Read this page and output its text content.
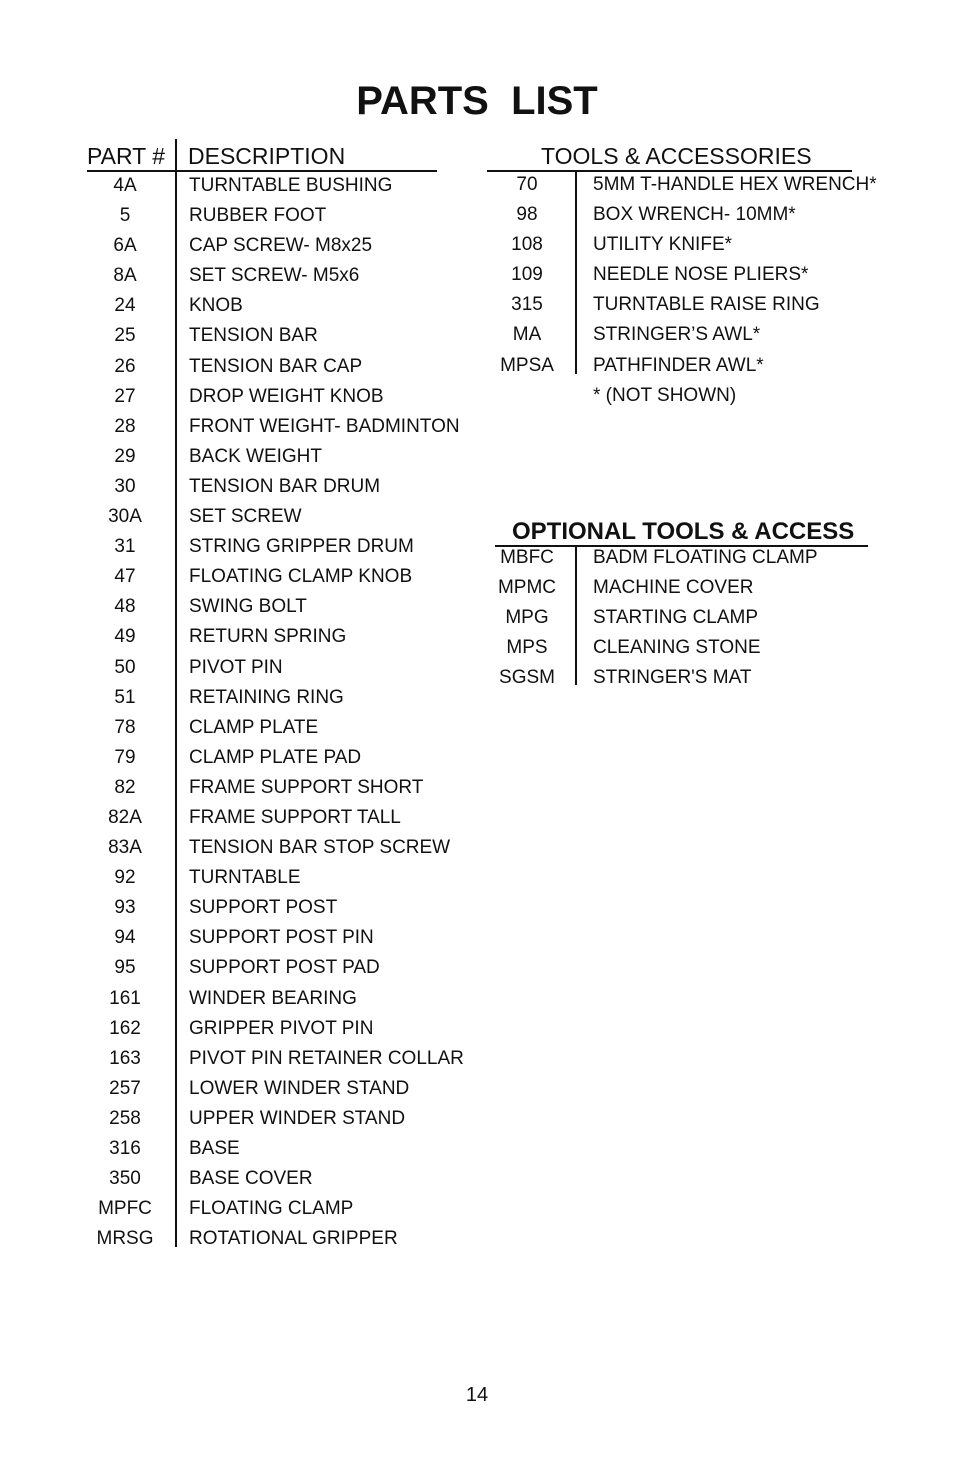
PARTS  LIST
PART # DESCRIPTION
4A	TURNTABLE BUSHING
5	RUBBER FOOT
6A	CAP SCREW- M8x25
8A	SET SCREW- M5x6
24	KNOB
25	TENSION BAR
26	TENSION BAR CAP
27	DROP WEIGHT KNOB
28	FRONT WEIGHT- BADMINTON
29	BACK WEIGHT
30	TENSION BAR DRUM
30A	SET SCREW
31	STRING GRIPPER DRUM
47	FLOATING CLAMP KNOB
48	SWING BOLT
49	RETURN SPRING
50	PIVOT PIN
51	RETAINING RING
78	CLAMP PLATE
79	CLAMP PLATE PAD
82	FRAME SUPPORT SHORT
82A	FRAME SUPPORT TALL
83A	TENSION BAR STOP SCREW
92	TURNTABLE
93	SUPPORT POST
94	SUPPORT POST PIN
95	SUPPORT POST PAD
161	WINDER BEARING
162	GRIPPER PIVOT PIN
163	PIVOT PIN RETAINER COLLAR
257	LOWER WINDER STAND
258	UPPER WINDER STAND
316	BASE
350	BASE COVER
MPFC	FLOATING CLAMP
MRSG	ROTATIONAL GRIPPER
TOOLS & ACCESSORIES
70	5MM T-HANDLE HEX WRENCH*
98	BOX WRENCH- 10MM*
108	UTILITY KNIFE*
109	NEEDLE NOSE PLIERS*
315	TURNTABLE RAISE RING
MA	STRINGER’S AWL*
MPSA	PATHFINDER AWL*
* (NOT SHOWN)
OPTIONAL TOOLS & ACCESS
MBFC	BADM FLOATING CLAMP
MPMC	MACHINE COVER
MPG	STARTING CLAMP
MPS	CLEANING STONE
SGSM	STRINGER'S MAT
14
